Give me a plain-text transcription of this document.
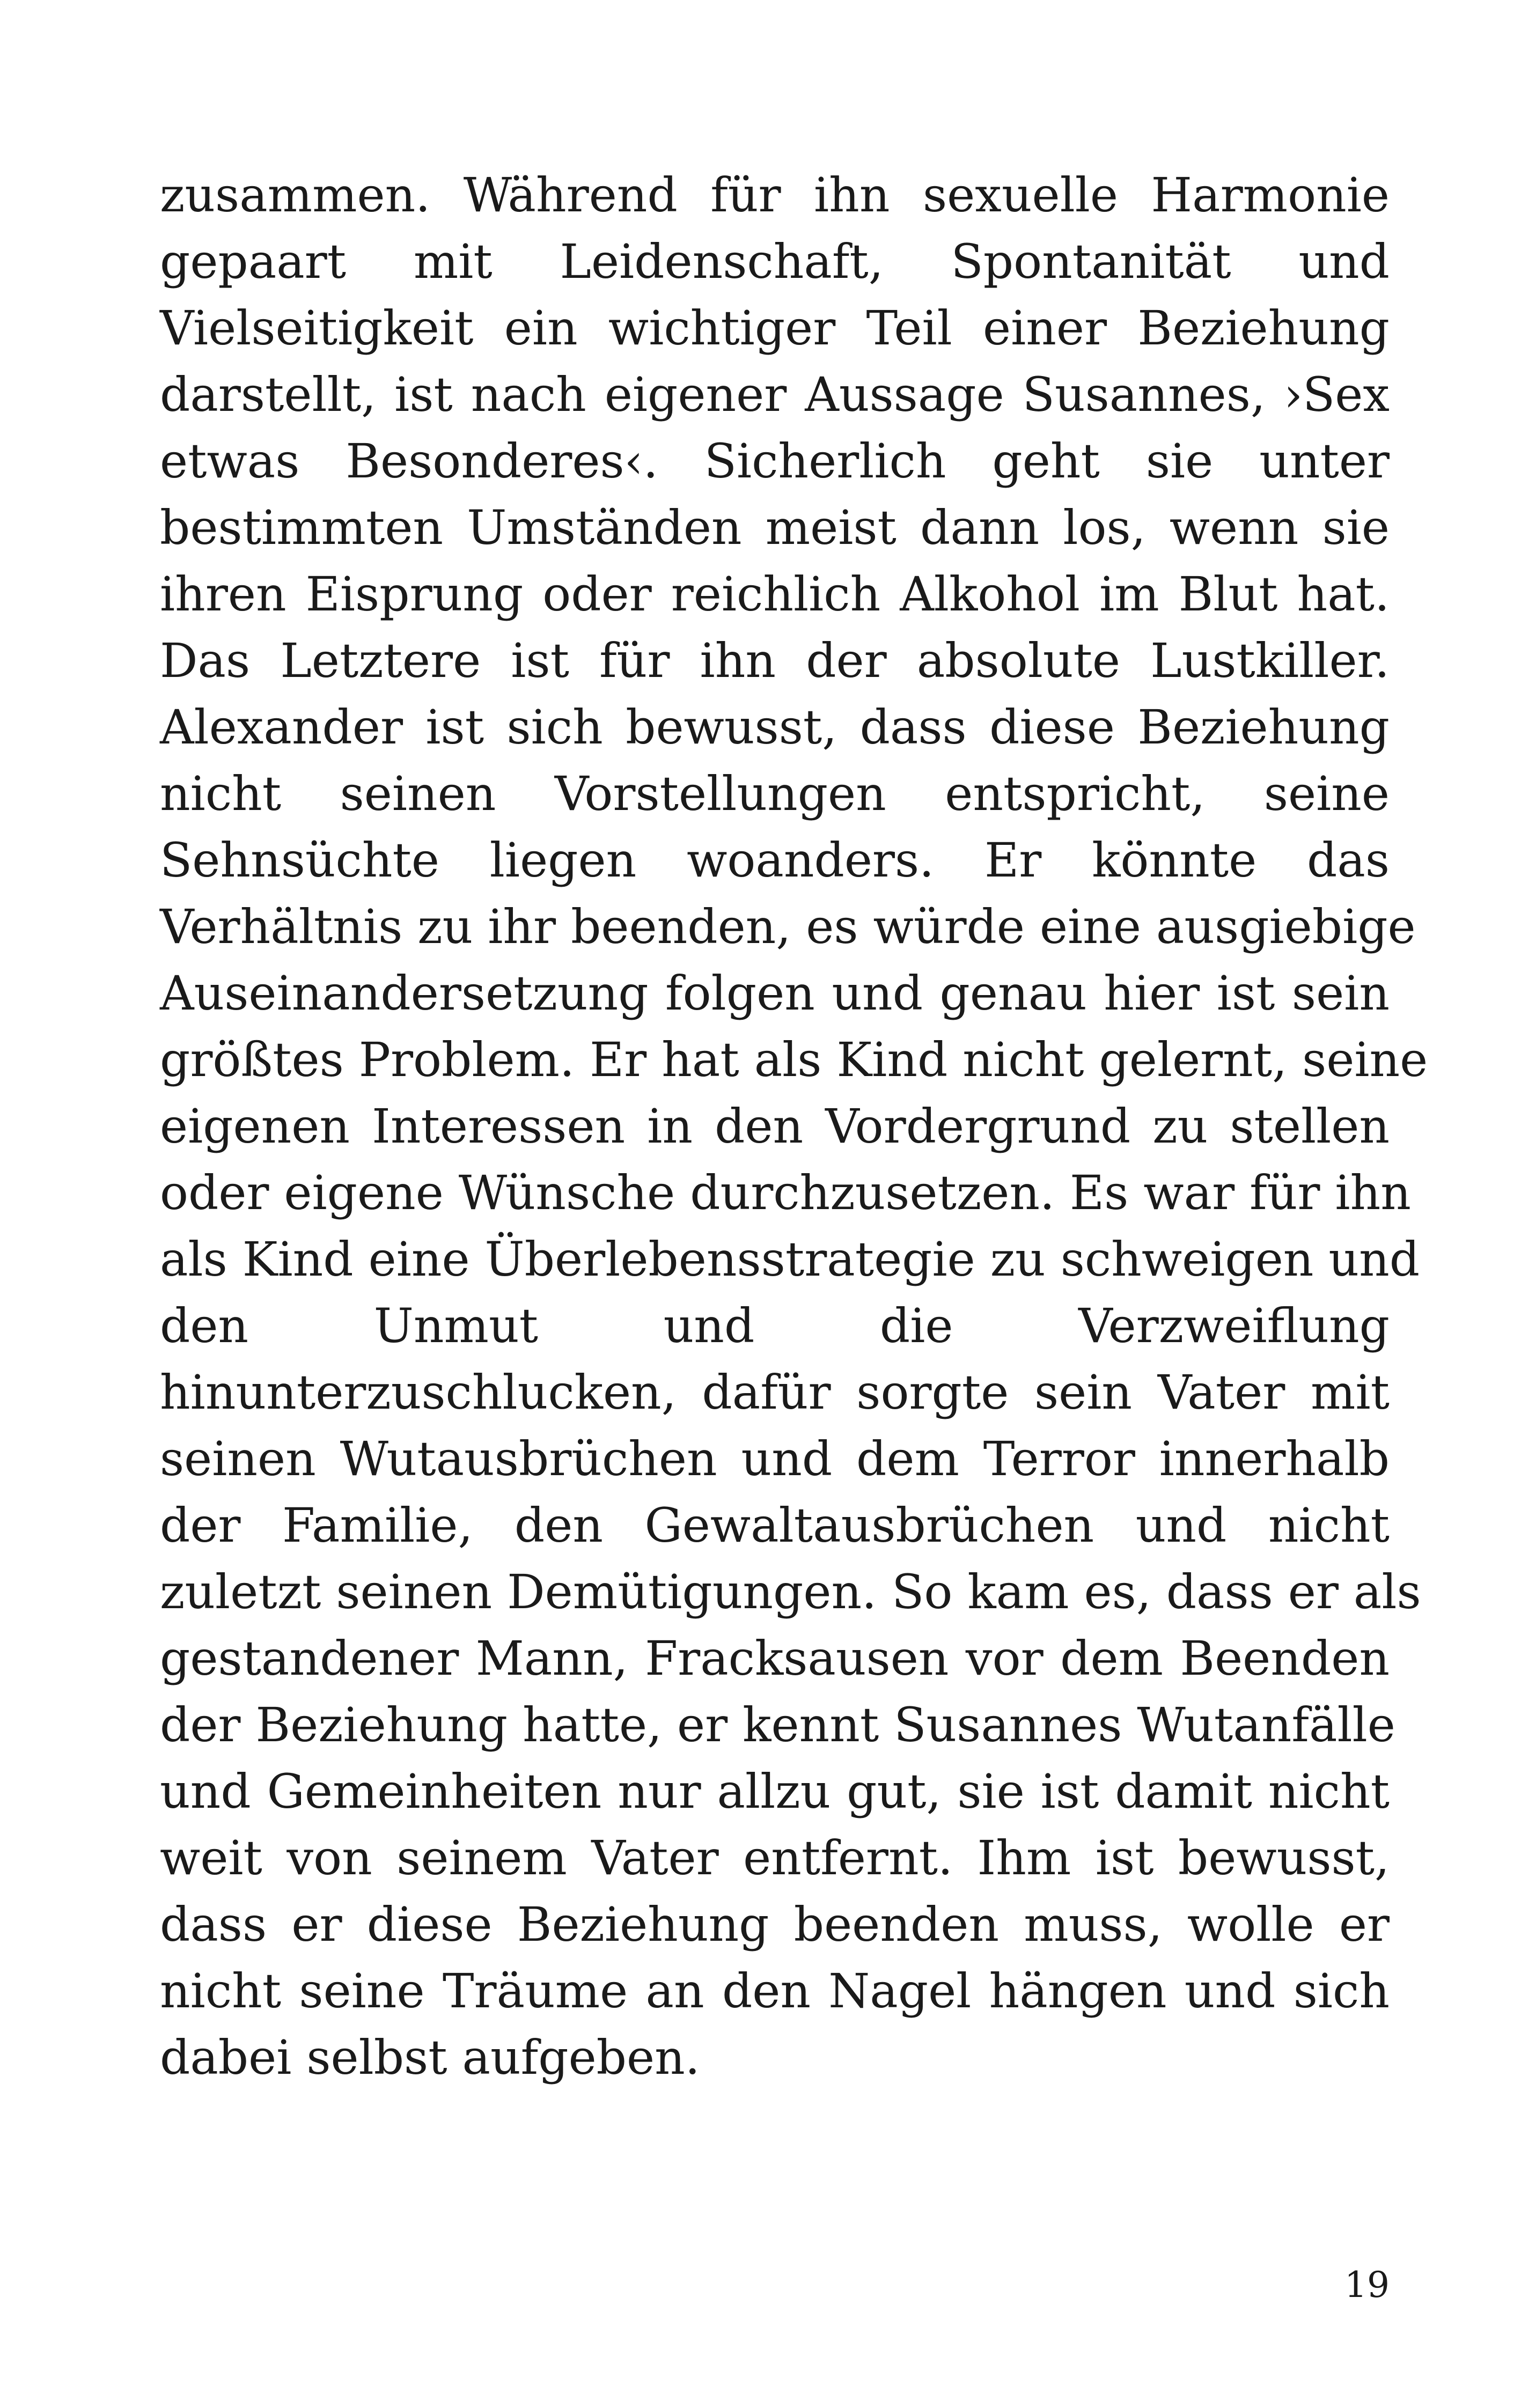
zusammen. Während für ihn sexuelle Harmonie
gepaart mit Leidenschaft, Spontanität und
Vielseitigkeit ein wichtiger Teil einer Beziehung
darstellt, ist nach eigener Aussage Susannes, ›Sex
etwas Besonderes‹. Sicherlich geht sie unter
bestimmten Umständen meist dann los, wenn sie
ihren Eisprung oder reichlich Alkohol im Blut hat.
Das Letztere ist für ihn der absolute Lustkiller.
Alexander ist sich bewusst, dass diese Beziehung
nicht seinen Vorstellungen entspricht, seine
Sehnsüchte liegen woanders. Er könnte das
Verhältnis zu ihr beenden, es würde eine ausgiebige
Auseinandersetzung folgen und genau hier ist sein
größtes Problem. Er hat als Kind nicht gelernt, seine
eigenen Interessen in den Vordergrund zu stellen
oder eigene Wünsche durchzusetzen. Es war für ihn
als Kind eine Überlebensstrategie zu schweigen und
den Unmut und die Verzweiflung
hinunterzuschlucken, dafür sorgte sein Vater mit
seinen Wutausbrüchen und dem Terror innerhalb
der Familie, den Gewaltausbrüchen und nicht
zuletzt seinen Demütigungen. So kam es, dass er als
gestandener Mann, Fracksausen vor dem Beenden
der Beziehung hatte, er kennt Susannes Wutanfälle
und Gemeinheiten nur allzu gut, sie ist damit nicht
weit von seinem Vater entfernt. Ihm ist bewusst,
dass er diese Beziehung beenden muss, wolle er
nicht seine Träume an den Nagel hängen und sich
dabei selbst aufgeben.
19
